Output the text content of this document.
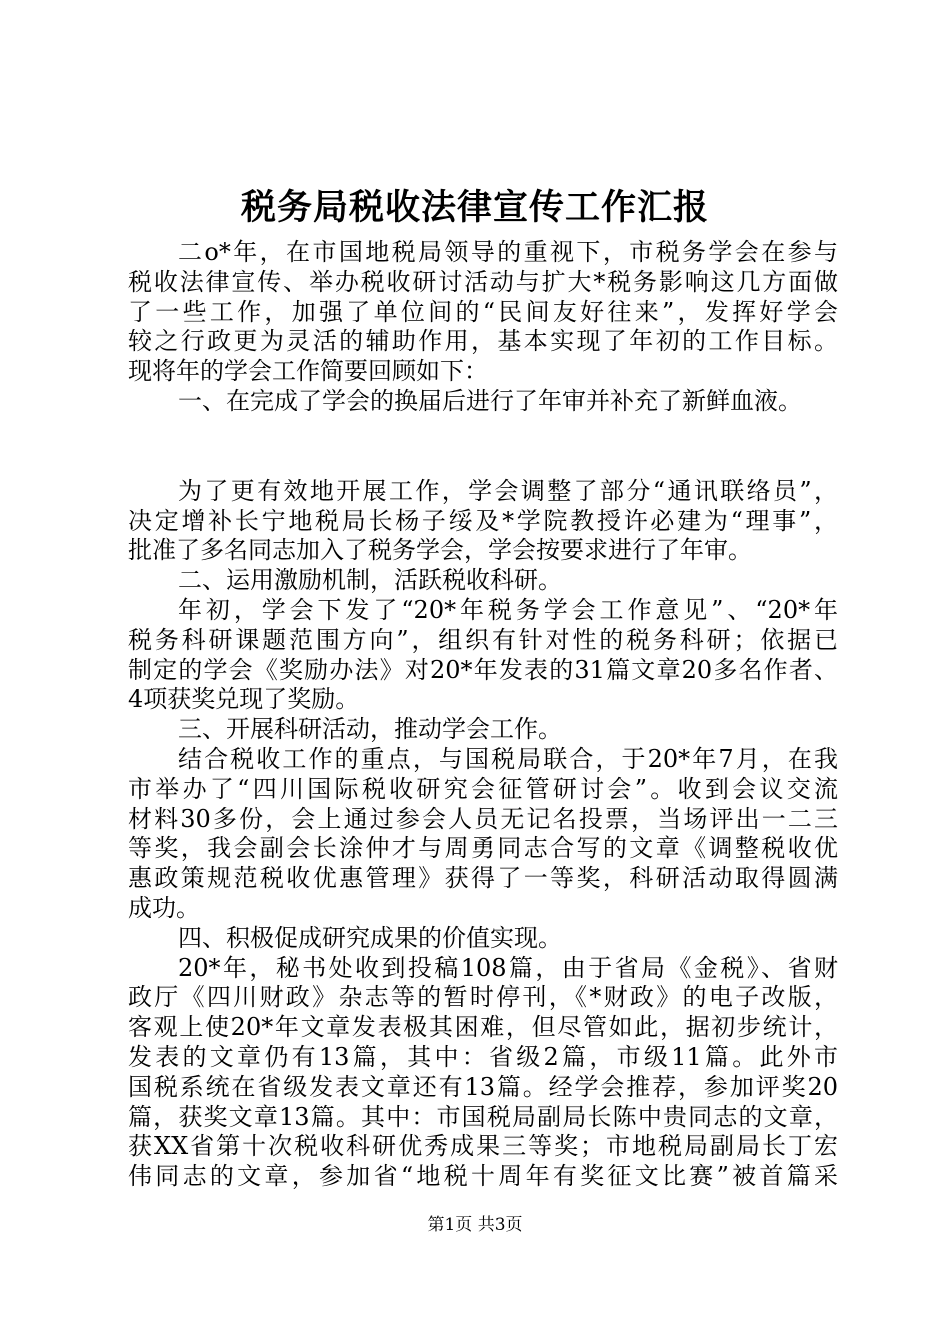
税务局税收法律宣传工作汇报
二o*年，在市国地税局领导的重视下，市税务学会在参与
税收法律宣传、举办税收研讨活动与扩大*税务影响这几方面做
了一些工作，加强了单位间的“民间友好往来”，发挥好学会
较之行政更为灵活的辅助作用，基本实现了年初的工作目标。
现将年的学会工作简要回顾如下：
一、在完成了学会的换届后进行了年审并补充了新鲜血液。
为了更有效地开展工作，学会调整了部分“通讯联络员”，
决定增补长宁地税局长杨子绥及*学院教授许必建为“理事”，
批准了多名同志加入了税务学会，学会按要求进行了年审。
二、运用激励机制，活跃税收科研。
年初，学会下发了“20*年税务学会工作意见”、“20*年
税务科研课题范围方向”，组织有针对性的税务科研；依据已
制定的学会《奖励办法》对20*年发表的31篇文章20多名作者、
4项获奖兑现了奖励。
三、开展科研活动，推动学会工作。
结合税收工作的重点，与国税局联合，于20*年7月，在我
市举办了“四川国际税收研究会征管研讨会”。收到会议交流
材料30多份，会上通过参会人员无记名投票，当场评出一二三
等奖，我会副会长涂仲才与周勇同志合写的文章《调整税收优
惠政策规范税收优惠管理》获得了一等奖，科研活动取得圆满
成功。
四、积极促成研究成果的价值实现。
20*年，秘书处收到投稿108篇，由于省局《金税》、省财
政厅《四川财政》杂志等的暂时停刊，《*财政》的电子改版，
客观上使20*年文章发表极其困难，但尽管如此，据初步统计，
发表的文章仍有13篇，其中：省级2篇，市级11篇。此外市
国税系统在省级发表文章还有13篇。经学会推荐，参加评奖20
篇，获奖文章13篇。其中：市国税局副局长陈中贵同志的文章，
获XX省第十次税收科研优秀成果三等奖；市地税局副局长丁宏
伟同志的文章，参加省“地税十周年有奖征文比赛”被首篇采
第1页 共3页
